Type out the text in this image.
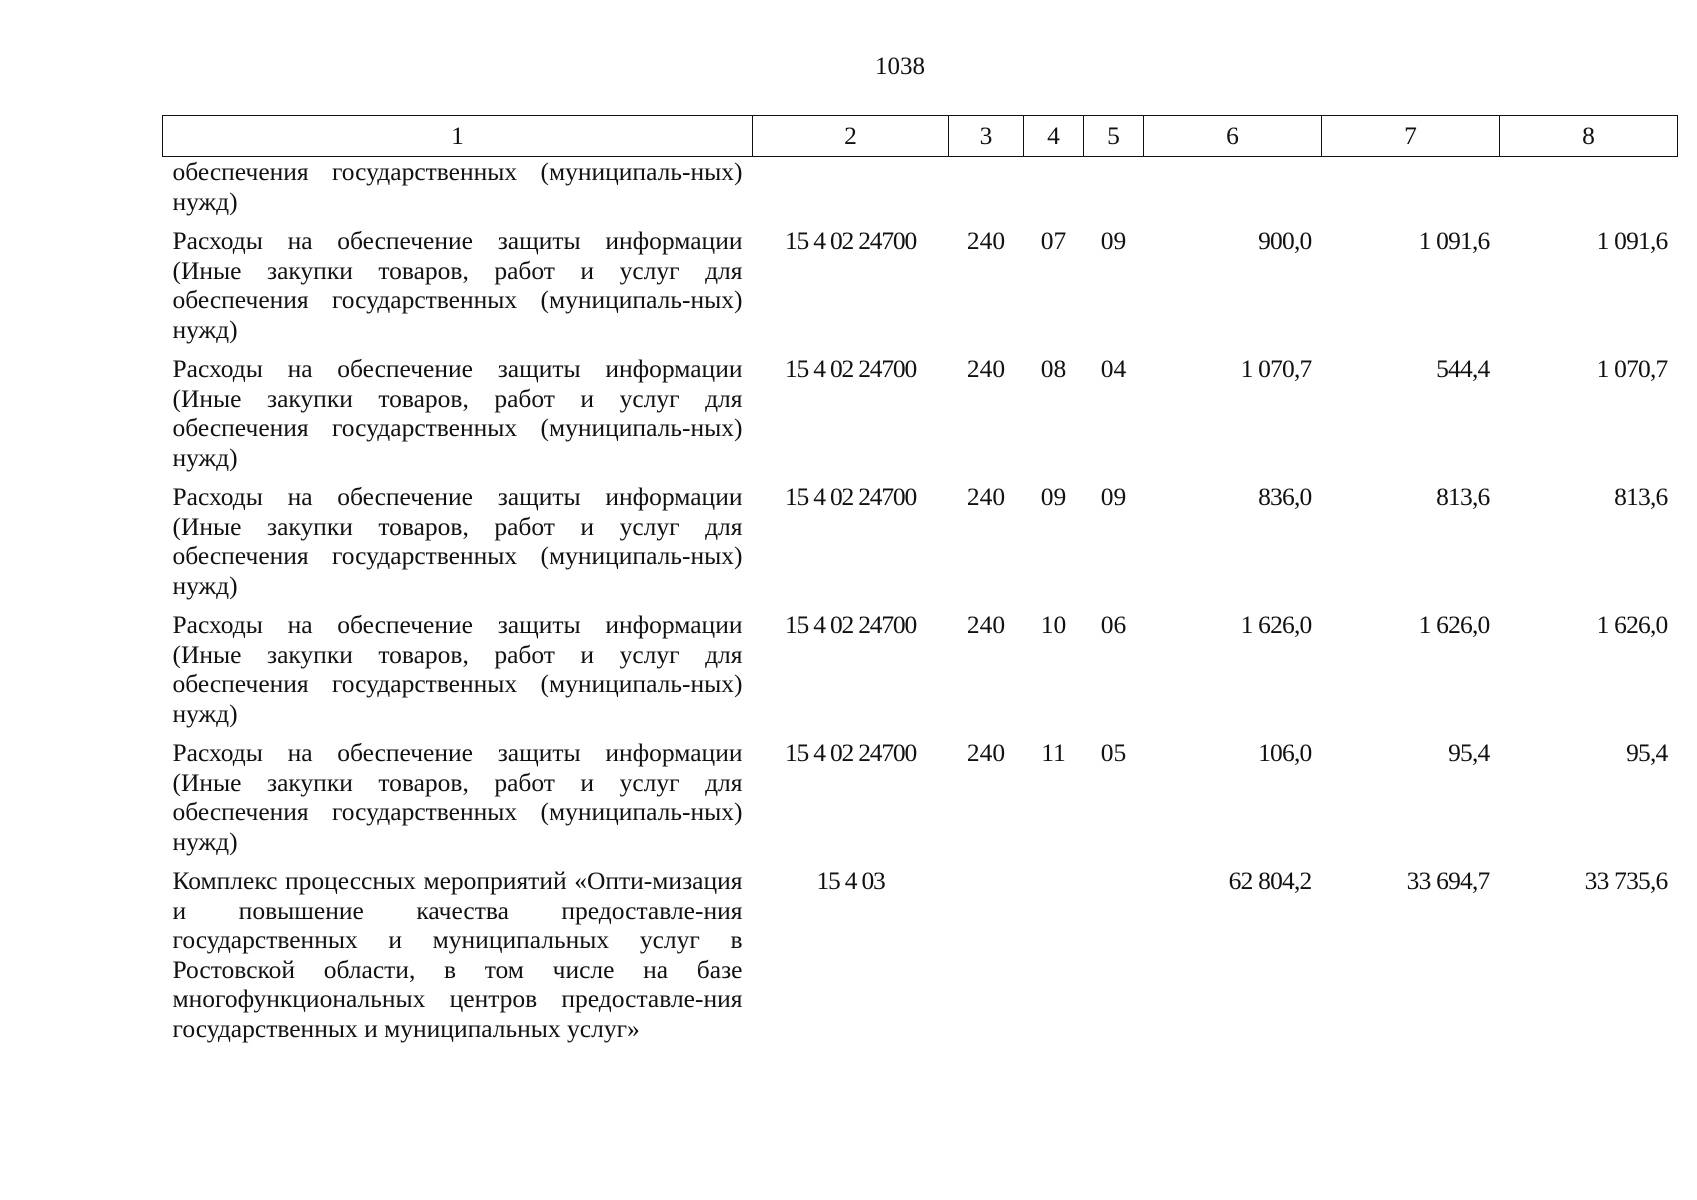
1038
1	2	3	4	5	6	7	8
обеспечения государственных (муниципаль-ных) нужд)							
Расходы на обеспечение защиты информации (Иные закупки товаров, работ и услуг для обеспечения государственных (муниципаль-ных) нужд)	15 4 02 24700	240	07	09	900,0	1 091,6	1 091,6
Расходы на обеспечение защиты информации (Иные закупки товаров, работ и услуг для обеспечения государственных (муниципаль-ных) нужд)	15 4 02 24700	240	08	04	1 070,7	544,4	1 070,7
Расходы на обеспечение защиты информации (Иные закупки товаров, работ и услуг для обеспечения государственных (муниципаль-ных) нужд)	15 4 02 24700	240	09	09	836,0	813,6	813,6
Расходы на обеспечение защиты информации (Иные закупки товаров, работ и услуг для обеспечения государственных (муниципаль-ных) нужд)	15 4 02 24700	240	10	06	1 626,0	1 626,0	1 626,0
Расходы на обеспечение защиты информации (Иные закупки товаров, работ и услуг для обеспечения государственных (муниципаль-ных) нужд)	15 4 02 24700	240	11	05	106,0	95,4	95,4
Комплекс процессных мероприятий «Опти-мизация и повышение качества предоставле-ния государственных и муниципальных услуг в Ростовской области, в том числе на базе многофункциональных центров предоставле-ния государственных и муниципальных услуг»	15 4 03				62 804,2	33 694,7	33 735,6
